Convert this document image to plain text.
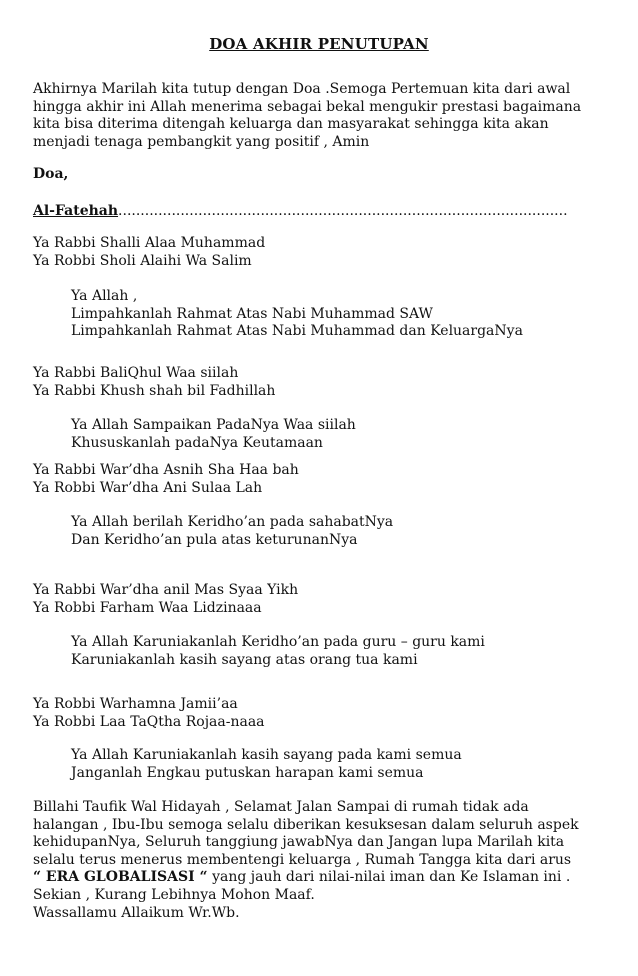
DOA AKHIR PENUTUPAN
Akhirnya Marilah kita tutup dengan Doa .Semoga Pertemuan kita dari awal
hingga akhir ini Allah menerima sebagai bekal mengukir prestasi bagaimana
kita bisa diterima ditengah keluarga dan masyarakat sehingga kita akan
menjadi tenaga pembangkit yang positif , Amin
Doa,
Al-Fatehah.....................................................................................................
Ya Rabbi Shalli Alaa Muhammad
Ya Robbi Sholi Alaihi Wa Salim
Ya Allah ,
Limpahkanlah Rahmat Atas Nabi Muhammad SAW
Limpahkanlah Rahmat Atas Nabi Muhammad dan KeluargaNya
Ya Rabbi BaliQhul Waa siilah
Ya Rabbi Khush shah bil Fadhillah
Ya Allah Sampaikan PadaNya Waa siilah
Khususkanlah padaNya Keutamaan
Ya Rabbi War’dha Asnih Sha Haa bah
Ya Robbi War’dha Ani Sulaa Lah
Ya Allah berilah Keridho’an pada sahabatNya
Dan Keridho’an pula atas keturunanNya
Ya Rabbi War’dha anil Mas Syaa Yikh
Ya Robbi Farham Waa Lidzinaaa
Ya Allah Karuniakanlah Keridho’an pada guru – guru kami
Karuniakanlah kasih sayang atas orang tua kami
Ya Robbi Warhamna Jamii’aa
Ya Robbi Laa TaQtha Rojaa-naaa
Ya Allah Karuniakanlah kasih sayang pada kami semua
Janganlah Engkau putuskan harapan kami semua
Billahi Taufik Wal Hidayah , Selamat Jalan Sampai di rumah tidak ada
halangan , Ibu-Ibu semoga selalu diberikan kesuksesan dalam seluruh aspek
kehidupanNya, Seluruh tanggiung jawabNya dan Jangan lupa Marilah kita
selalu terus menerus membentengi keluarga , Rumah Tangga kita dari arus
“ ERA GLOBALISASI “ yang jauh dari nilai-nilai iman dan Ke Islaman ini .
Sekian , Kurang Lebihnya Mohon Maaf.
Wassallamu Allaikum Wr.Wb.
